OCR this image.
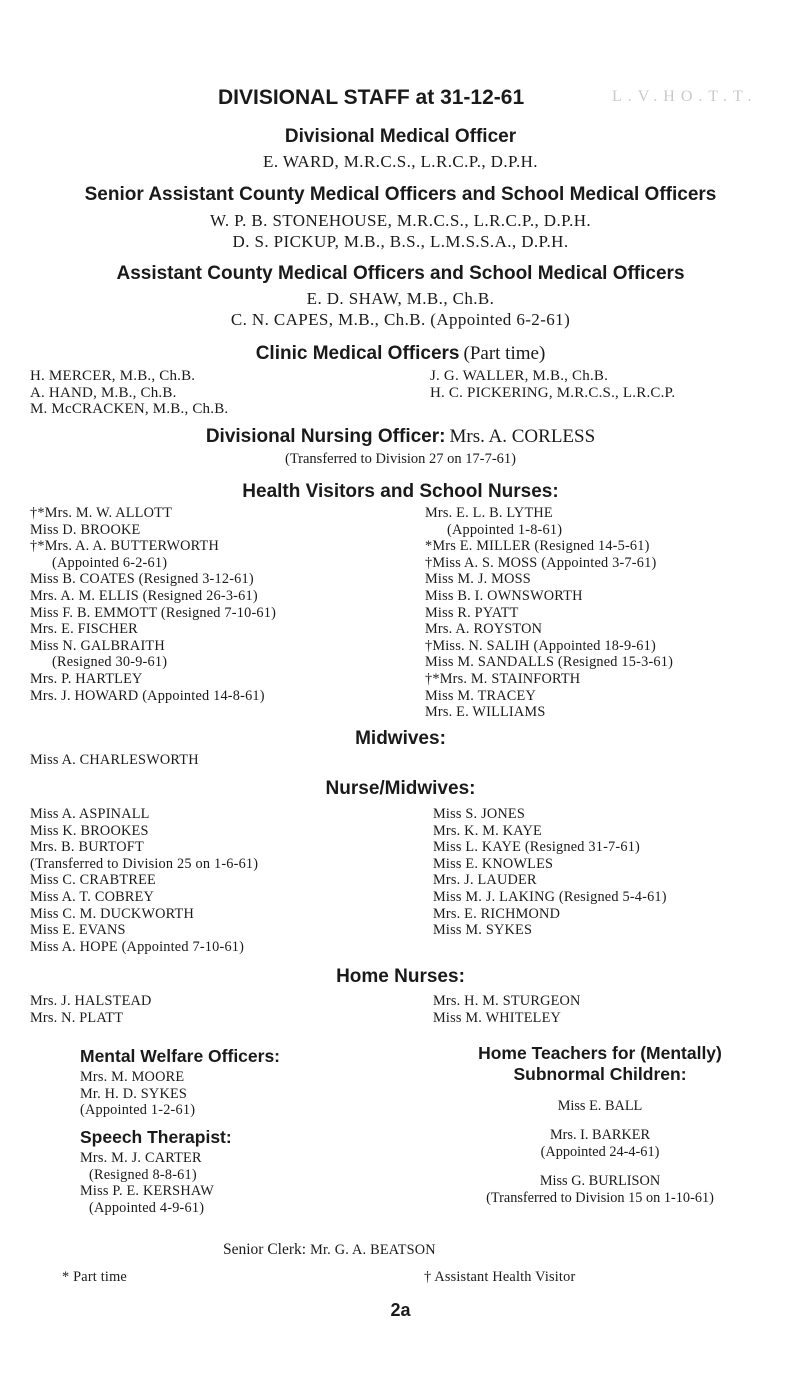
DIVISIONAL STAFF at 31-12-61	L.V.HO.T.T.
Divisional Medical Officer
E. WARD, M.R.C.S., L.R.C.P., D.P.H.
Senior Assistant County Medical Officers and School Medical Officers
W. P. B. STONEHOUSE, M.R.C.S., L.R.C.P., D.P.H.
D. S. PICKUP, M.B., B.S., L.M.S.S.A., D.P.H.
Assistant County Medical Officers and School Medical Officers
E. D. SHAW, M.B., Ch.B.
C. N. CAPES, M.B., Ch.B. (Appointed 6-2-61)
Clinic Medical Officers (Part time)
H. MERCER, M.B., Ch.B.
A. HAND, M.B., Ch.B.
M. McCRACKEN, M.B., Ch.B.
J. G. WALLER, M.B., Ch.B.
H. C. PICKERING, M.R.C.S., L.R.C.P.
Divisional Nursing Officer: Mrs. A. CORLESS
(Transferred to Division 27 on 17-7-61)
Health Visitors and School Nurses:
†*Mrs. M. W. ALLOTT
Miss D. BROOKE
†*Mrs. A. A. BUTTERWORTH
(Appointed 6-2-61)
Miss B. COATES (Resigned 3-12-61)
Mrs. A. M. ELLIS (Resigned 26-3-61)
Miss F. B. EMMOTT (Resigned 7-10-61)
Mrs. E. FISCHER
Miss N. GALBRAITH
(Resigned 30-9-61)
Mrs. P. HARTLEY
Mrs. J. HOWARD (Appointed 14-8-61)
Mrs. E. L. B. LYTHE
(Appointed 1-8-61)
*Mrs E. MILLER (Resigned 14-5-61)
†Miss A. S. MOSS (Appointed 3-7-61)
Miss M. J. MOSS
Miss B. I. OWNSWORTH
Miss R. PYATT
Mrs. A. ROYSTON
†Miss. N. SALIH (Appointed 18-9-61)
Miss M. SANDALLS (Resigned 15-3-61)
†*Mrs. M. STAINFORTH
Miss M. TRACEY
Mrs. E. WILLIAMS
Midwives:
Miss A. CHARLESWORTH
Nurse/Midwives:
Miss A. ASPINALL
Miss K. BROOKES
Mrs. B. BURTOFT
(Transferred to Division 25 on 1-6-61)
Miss C. CRABTREE
Miss A. T. COBREY
Miss C. M. DUCKWORTH
Miss E. EVANS
Miss A. HOPE (Appointed 7-10-61)
Miss S. JONES
Mrs. K. M. KAYE
Miss L. KAYE (Resigned 31-7-61)
Miss E. KNOWLES
Mrs. J. LAUDER
Miss M. J. LAKING (Resigned 5-4-61)
Mrs. E. RICHMOND
Miss M. SYKES
Home Nurses:
Mrs. J. HALSTEAD
Mrs. N. PLATT
Mrs. H. M. STURGEON
Miss M. WHITELEY
Mental Welfare Officers:
Mrs. M. MOORE
Mr. H. D. SYKES
(Appointed 1-2-61)
Speech Therapist:
Mrs. M. J. CARTER
(Resigned 8-8-61)
Miss P. E. KERSHAW
(Appointed 4-9-61)
Home Teachers for (Mentally)
Subnormal Children:
Miss E. BALL
Mrs. I. BARKER
(Appointed 24-4-61)
Miss G. BURLISON
(Transferred to Division 15 on 1-10-61)
Senior Clerk: Mr. G. A. BEATSON
* Part time	† Assistant Health Visitor
2a
